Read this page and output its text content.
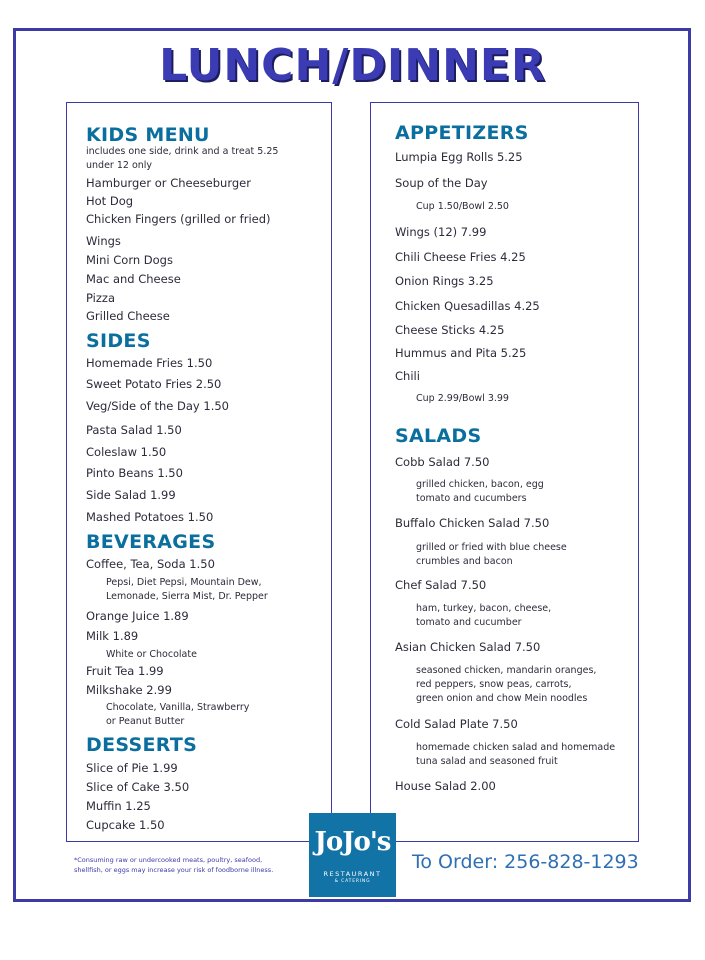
LUNCH/DINNER
KIDS MENU
includes one side, drink and a treat 5.25
under 12 only
Hamburger or Cheeseburger
Hot Dog
Chicken Fingers (grilled or fried)
Wings
Mini Corn Dogs
Mac and Cheese
Pizza
Grilled Cheese
SIDES
Homemade Fries 1.50
Sweet Potato Fries 2.50
Veg/Side of the Day 1.50
Pasta Salad 1.50
Coleslaw 1.50
Pinto Beans 1.50
Side Salad 1.99
Mashed Potatoes 1.50
BEVERAGES
Coffee, Tea, Soda 1.50
Pepsi, Diet Pepsi, Mountain Dew,
Lemonade, Sierra Mist, Dr. Pepper
Orange Juice 1.89
Milk 1.89
White or Chocolate
Fruit Tea 1.99
Milkshake 2.99
Chocolate, Vanilla, Strawberry
or Peanut Butter
DESSERTS
Slice of Pie 1.99
Slice of Cake 3.50
Muffin 1.25
Cupcake 1.50
APPETIZERS
Lumpia Egg Rolls 5.25
Soup of the Day
Cup 1.50/Bowl 2.50
Wings (12) 7.99
Chili Cheese Fries 4.25
Onion Rings 3.25
Chicken Quesadillas 4.25
Cheese Sticks 4.25
Hummus and Pita 5.25
Chili
Cup 2.99/Bowl 3.99
SALADS
Cobb Salad 7.50
grilled chicken, bacon, egg
tomato and cucumbers
Buffalo Chicken Salad 7.50
grilled or fried with blue cheese
crumbles and bacon
Chef Salad 7.50
ham, turkey, bacon, cheese,
tomato and cucumber
Asian Chicken Salad 7.50
seasoned chicken, mandarin oranges,
red peppers, snow peas, carrots,
green onion and chow Mein noodles
Cold Salad Plate 7.50
homemade chicken salad and homemade
tuna salad and seasoned fruit
House Salad 2.00
*Consuming raw or undercooked meats, poultry, seafood,
shellfish, or eggs may increase your risk of foodborne illness.
JoJo's
RESTAURANT
& CATERING
To Order: 256-828-1293
